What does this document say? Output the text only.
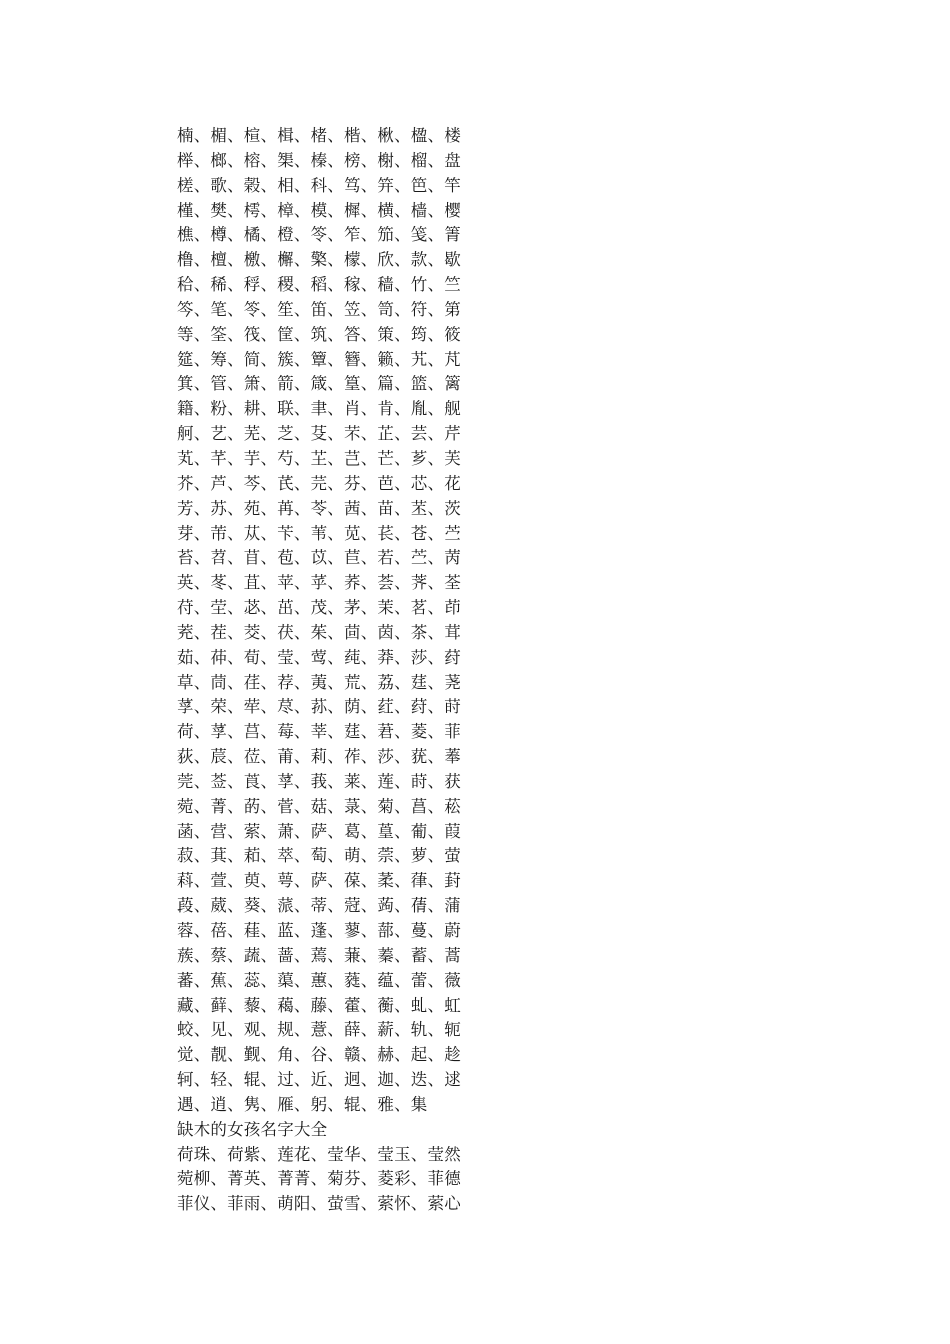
楠、楣、楦、楫、楮、楷、楸、楹、楼
榉、榔、榕、榘、榛、榜、榭、榴、盘
槎、歌、榖、相、科、笃、笄、笆、竿
槿、樊、樗、樟、模、樨、横、樯、樱
樵、樽、橘、橙、笭、笮、笳、笺、箐
橹、檀、檄、檞、檠、檬、欣、款、歇
秴、稀、稃、稷、稻、稼、穑、竹、竺
笒、笔、笭、笙、笛、笠、笥、符、第
等、筌、筏、筐、筑、答、策、筠、筱
筵、筹、简、簇、簟、簪、籁、艽、芃
箕、管、箫、箭、箴、篁、篇、篮、篱
籍、粉、耕、联、聿、肖、肯、胤、舰
舸、艺、芜、芝、芟、芣、芷、芸、芹
芄、芊、芋、芍、芏、芑、芒、芗、芙
芥、芦、芩、芪、芫、芬、芭、芯、花
芳、苏、苑、苒、苓、茜、苗、苤、茨
芽、芾、苁、苄、苇、苋、苌、苍、苎
苔、苕、苜、苞、苡、苣、若、苎、苪
英、苳、苴、苹、苸、荞、荟、荠、荃
苻、茔、苾、茁、茂、茅、茉、茗、茚
茺、茬、茭、茯、茱、茴、茵、茶、茸
茹、茽、荀、莹、莺、莼、莽、莎、荮
草、茼、荏、荐、荑、荒、荔、莛、荛
莩、荣、荦、荩、荪、荫、荭、荮、莳
荷、莩、莒、莓、莘、莛、莙、菱、菲
荻、莀、莅、莆、莉、莋、莎、莸、菶
莞、莶、莨、莩、莪、莱、莲、莳、获
菀、菁、菂、菅、菇、菉、菊、菖、菘
菡、营、萦、萧、萨、葛、葟、葡、葭
菽、萁、萂、萃、萄、萌、萗、萝、萤
萪、萱、萸、萼、萨、葆、葇、葎、葑
葮、葳、葵、蒎、蒂、蒄、蒟、蒨、蒲
蓉、蓓、蓕、蓝、蓬、蓼、蔀、蔓、蔚
蔟、蔡、蔬、蔷、蔫、蒹、蓁、蓄、蒿
蕃、蕉、蕊、蕖、蕙、蕤、蕴、蕾、薇
藏、藓、藜、藒、藤、藿、蘅、虬、虹
蛟、见、观、规、薏、薛、薪、轨、轭
觉、靓、觐、角、谷、赣、赫、起、趁
轲、轻、辊、过、近、迥、迦、迭、逑
遇、逍、隽、雁、躬、辊、雅、集
缺木的女孩名字大全
荷珠、荷紫、莲花、莹华、莹玉、莹然
菀柳、菁英、菁菁、菊芬、菱彩、菲德
菲仪、菲雨、萌阳、萤雪、萦怀、萦心
